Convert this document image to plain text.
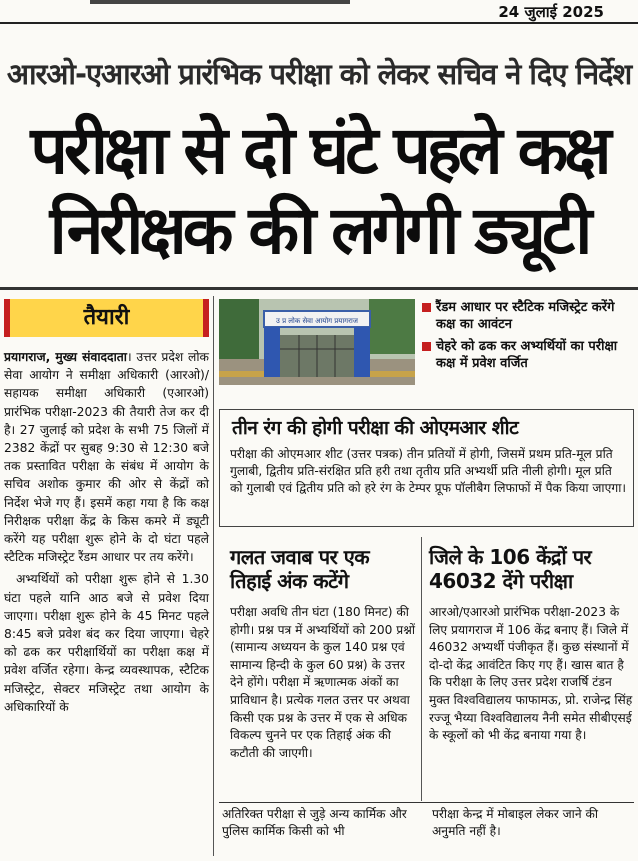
24 जुलाई 2025
आरओ-एआरओ प्रारंभिक परीक्षा को लेकर सचिव ने दिए निर्देश
परीक्षा से दो घंटे पहले कक्ष
निरीक्षक की लगेगी ड्यूटी
तैयारी

प्रयागराज, मुख्य संवाददाता। उत्तर प्रदेश लोक सेवा आयोग ने समीक्षा अधिकारी (आरओ)/ सहायक समीक्षा अधिकारी (एआरओ) प्रारंभिक परीक्षा-2023 की तैयारी तेज कर दी है। 27 जुलाई को प्रदेश के सभी 75 जिलों में 2382 केंद्रों पर सुबह 9:30 से 12:30 बजे तक प्रस्तावित परीक्षा के संबंध में आयोग के सचिव अशोक कुमार की ओर से केंद्रों को निर्देश भेजे गए हैं। इसमें कहा गया है कि कक्ष निरीक्षक परीक्षा केंद्र के किस कमरे में ड्यूटी करेंगे यह परीक्षा शुरू होने के दो घंटा पहले स्टैटिक मजिस्ट्रेट रैंडम आधार पर तय करेंगे।

अभ्यर्थियों को परीक्षा शुरू होने से 1.30 घंटा पहले यानि आठ बजे से प्रवेश दिया जाएगा। परीक्षा शुरू होने के 45 मिनट पहले 8:45 बजे प्रवेश बंद कर दिया जाएगा। चेहरे को ढक कर परीक्षार्थियों का परीक्षा कक्ष में प्रवेश वर्जित रहेगा। केन्द्र व्यवस्थापक, स्टैटिक मजिस्ट्रेट, सेक्टर मजिस्ट्रेट तथा आयोग के अधिकारियों के

उ प्र लोक सेवा आयोग प्रयागराज
रैंडम आधार पर स्टैटिक मजिस्ट्रेट करेंगे कक्ष का आवंटन
चेहरे को ढक कर अभ्यर्थियों का परीक्षा कक्ष में प्रवेश वर्जित
तीन रंग की होगी परीक्षा की ओएमआर शीट
परीक्षा की ओएमआर शीट (उत्तर पत्रक) तीन प्रतियों में होगी, जिसमें प्रथम प्रति-मूल प्रति गुलाबी, द्वितीय प्रति-संरक्षित प्रति हरी तथा तृतीय प्रति अभ्यर्थी प्रति नीली होगी। मूल प्रति को गुलाबी एवं द्वितीय प्रति को हरे रंग के टेम्पर प्रूफ पॉलीबैग लिफाफों में पैक किया जाएगा।
गलत जवाब पर एक तिहाई अंक कटेंगे
परीक्षा अवधि तीन घंटा (180 मिनट) की होगी। प्रश्न पत्र में अभ्यर्थियों को 200 प्रश्नों (सामान्य अध्ययन के कुल 140 प्रश्न एवं सामान्य हिन्दी के कुल 60 प्रश्न) के उत्तर देने होंगे। परीक्षा में ऋणात्मक अंकों का प्राविधान है। प्रत्येक गलत उत्तर पर अथवा किसी एक प्रश्न के उत्तर में एक से अधिक विकल्प चुनने पर एक तिहाई अंक की कटौती की जाएगी।
जिले के 106 केंद्रों पर 46032 देंगे परीक्षा
आरओ/एआरओ प्रारंभिक परीक्षा-2023 के लिए प्रयागराज में 106 केंद्र बनाए हैं। जिले में 46032 अभ्यर्थी पंजीकृत हैं। कुछ संस्थानों में दो-दो केंद्र आवंटित किए गए हैं। खास बात है कि परीक्षा के लिए उत्तर प्रदेश राजर्षि टंडन मुक्त विश्वविद्यालय फाफामऊ, प्रो. राजेन्द्र सिंह रज्जू भैय्या विश्वविद्यालय नैनी समेत सीबीएसई के स्कूलों को भी केंद्र बनाया गया है।
अतिरिक्त परीक्षा से जुड़े अन्य कार्मिक और पुलिस कार्मिक किसी को भी
परीक्षा केन्द्र में मोबाइल लेकर जाने की अनुमति नहीं है।
